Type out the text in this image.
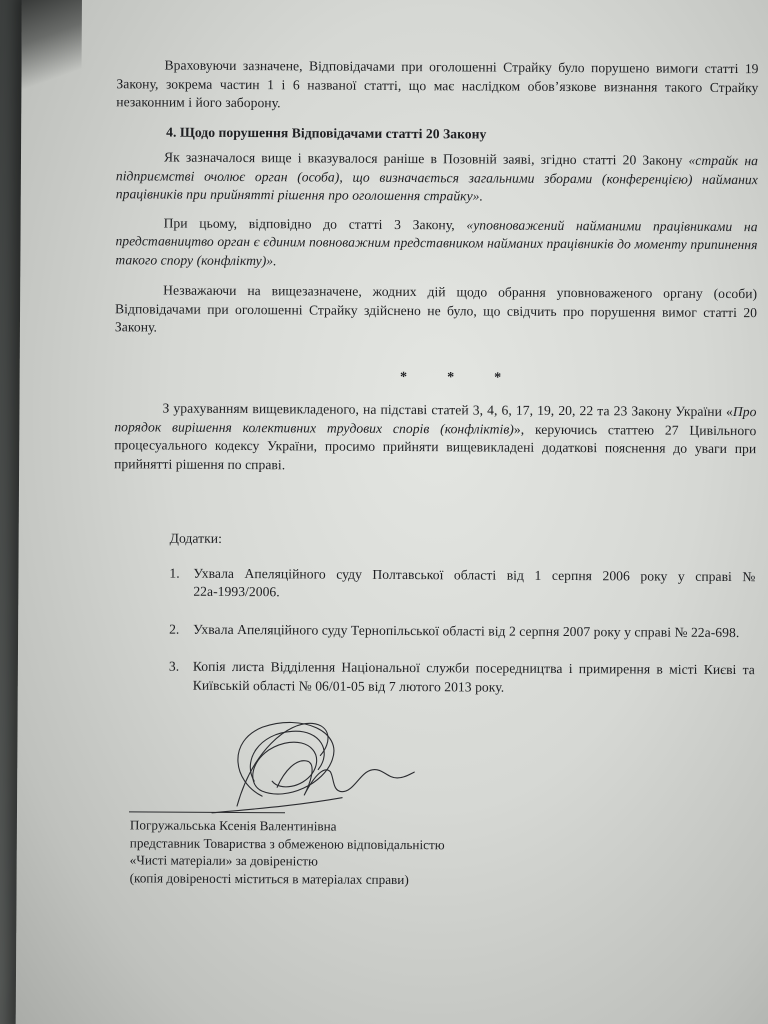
Враховуючи зазначене, Відповідачами при оголошенні Страйку було порушено вимоги статті 19 Закону, зокрема частин 1 і 6 названої статті, що має наслідком обов’язкове визнання такого Страйку незаконним і його заборону.

4. Щодо порушення Відповідачами статті 20 Закону

Як зазначалося вище і вказувалося раніше в Позовній заяві, згідно статті 20 Закону «страйк на підприємстві очолює орган (особа), що визначається загальними зборами (конференцією) найманих працівників при прийнятті рішення про оголошення страйку».

При цьому, відповідно до статті 3 Закону, «уповноважений найманими працівниками на представництво орган є єдиним повноважним представником найманих працівників до моменту припинення такого спору (конфлікту)».

Незважаючи на вищезазначене, жодних дій щодо обрання уповноваженого органу (особи) Відповідачами при оголошенні Страйку здійснено не було, що свідчить про порушення вимог статті 20 Закону.

*	*	*

З урахуванням вищевикладеного, на підставі статей 3, 4, 6, 17, 19, 20, 22 та 23 Закону України «Про порядок вирішення колективних трудових спорів (конфліктів)», керуючись статтею 27 Цивільного процесуального кодексу України, просимо прийняти вищевикладені додаткові пояснення до уваги при прийнятті рішення по справі.

Додатки:

1.	Ухвала Апеляційного суду Полтавської області від 1 серпня 2006 року у справі № 22а-1993/2006.
2.	Ухвала Апеляційного суду Тернопільської області від 2 серпня 2007 року у справі № 22а-698.
3.	Копія листа Відділення Національної служби посередництва і примирення в місті Києві та Київській області № 06/01-05 від 7 лютого 2013 року.
Погружальська Ксенія Валентинівна
представник Товариства з обмеженою відповідальністю
«Чисті матеріали» за довіреністю
(копія довіреності міститься в матеріалах справи)
